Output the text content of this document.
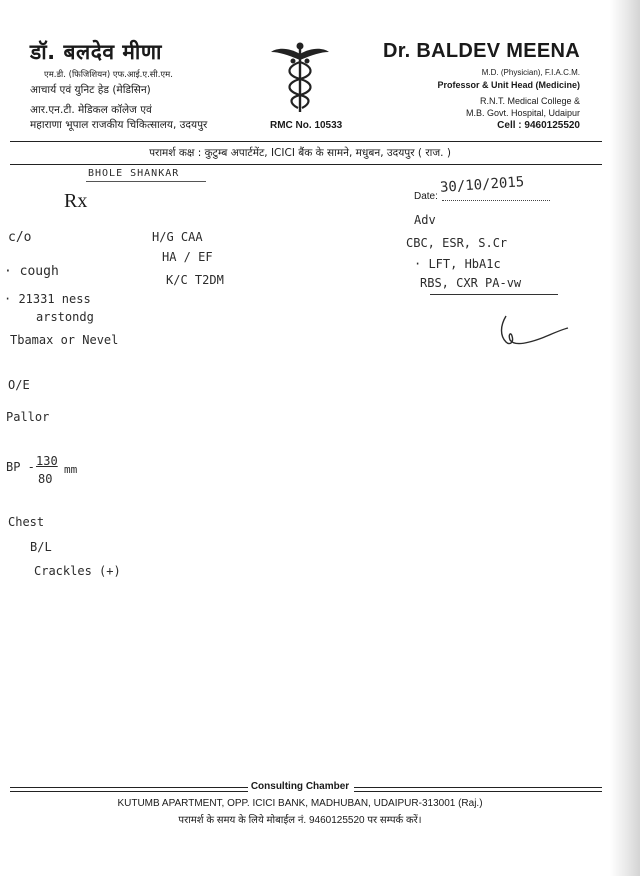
डॉ. बलदेव मीणा
एम.डी. (फिजिशियन) एफ.आई.ए.सी.एम.
आचार्य एवं युनिट हेड (मेडिसिन)
आर.एन.टी. मेडिकल कॉलेज एवं
महाराणा भूपाल राजकीय चिकित्सालय, उदयपुर	RMC No. 10533
Dr. BALDEV MEENA
M.D. (Physician), F.I.A.C.M.
Professor & Unit Head (Medicine)
R.N.T. Medical College &
M.B. Govt. Hospital, Udaipur
Cell : 9460125520
परामर्श कक्ष : कुटुम्ब अपार्टमेंट, ICICI बैंक के सामने, मधुबन, उदयपुर ( राज. )
Rx	Date:
BHOLE SHANKAR
30/10/2015
c/o
· cough
· 21331 ness
arstondg
Tbamax or Nevel
O/E
Pallor
BP - 130
80
mm
Chest
B/L
Crackles (+)
H/G CAA
HA / EF
K/C T2DM
Adv
CBC, ESR, S.Cr
· LFT, HbA1c
RBS, CXR PA-vw
Consulting Chamber
KUTUMB APARTMENT, OPP. ICICI BANK, MADHUBAN, UDAIPUR-313001 (Raj.)
परामर्श के समय के लिये मोबाईल नं. 9460125520 पर सम्पर्क करें।
